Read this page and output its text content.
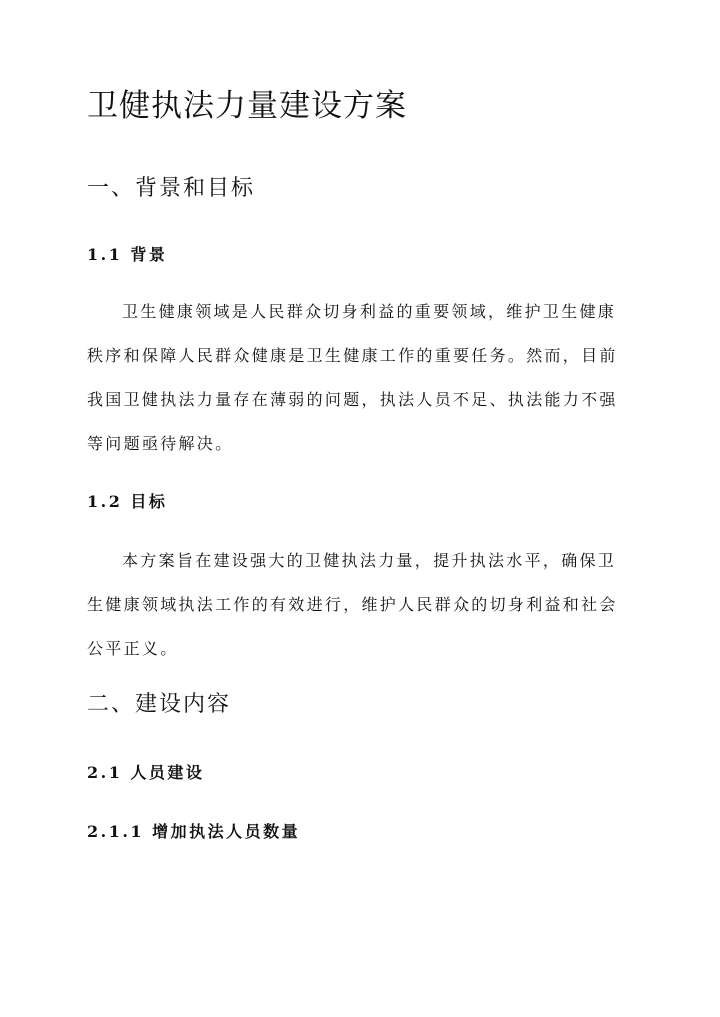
卫健执法力量建设方案
一、背景和目标
1.1 背景
卫生健康领域是人民群众切身利益的重要领域，维护卫生健康
秩序和保障人民群众健康是卫生健康工作的重要任务。然而，目前
我国卫健执法力量存在薄弱的问题，执法人员不足、执法能力不强
等问题亟待解决。
1.2 目标
本方案旨在建设强大的卫健执法力量，提升执法水平，确保卫
生健康领域执法工作的有效进行，维护人民群众的切身利益和社会
公平正义。
二、建设内容
2.1 人员建设
2.1.1 增加执法人员数量
